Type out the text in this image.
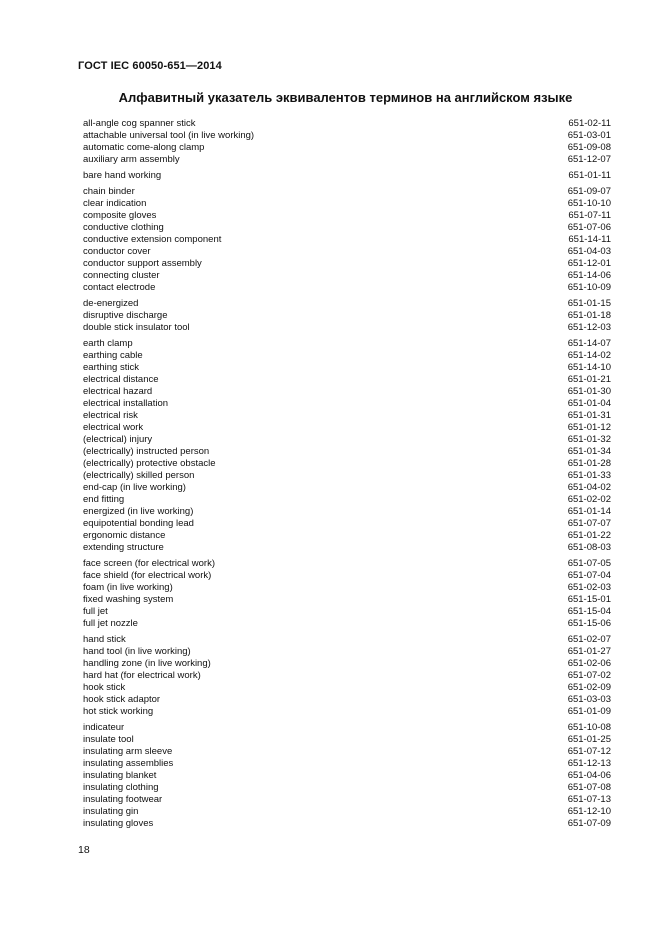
ГОСТ IEC 60050-651—2014
Алфавитный указатель эквивалентов терминов на английском языке
all-angle cog spanner stick	651-02-11
attachable universal tool (in live working)	651-03-01
automatic come-along clamp	651-09-08
auxiliary arm assembly	651-12-07
bare hand working	651-01-11
chain binder	651-09-07
clear indication	651-10-10
composite gloves	651-07-11
conductive clothing	651-07-06
conductive extension component	651-14-11
conductor cover	651-04-03
conductor support assembly	651-12-01
connecting cluster	651-14-06
contact electrode	651-10-09
de-energized	651-01-15
disruptive discharge	651-01-18
double stick insulator tool	651-12-03
earth clamp	651-14-07
earthing cable	651-14-02
earthing stick	651-14-10
electrical distance	651-01-21
electrical hazard	651-01-30
electrical installation	651-01-04
electrical risk	651-01-31
electrical work	651-01-12
(electrical) injury	651-01-32
(electrically) instructed person	651-01-34
(electrically) protective obstacle	651-01-28
(electrically) skilled person	651-01-33
end-cap (in live working)	651-04-02
end fitting	651-02-02
energized (in live working)	651-01-14
equipotential bonding lead	651-07-07
ergonomic distance	651-01-22
extending structure	651-08-03
face screen (for electrical work)	651-07-05
face shield (for electrical work)	651-07-04
foam (in live working)	651-02-03
fixed washing system	651-15-01
full jet	651-15-04
full jet nozzle	651-15-06
hand stick	651-02-07
hand tool (in live working)	651-01-27
handling zone (in live working)	651-02-06
hard hat (for electrical work)	651-07-02
hook stick	651-02-09
hook stick adaptor	651-03-03
hot stick working	651-01-09
indicateur	651-10-08
insulate tool	651-01-25
insulating arm sleeve	651-07-12
insulating assemblies	651-12-13
insulating blanket	651-04-06
insulating clothing	651-07-08
insulating footwear	651-07-13
insulating gin	651-12-10
insulating gloves	651-07-09
18
